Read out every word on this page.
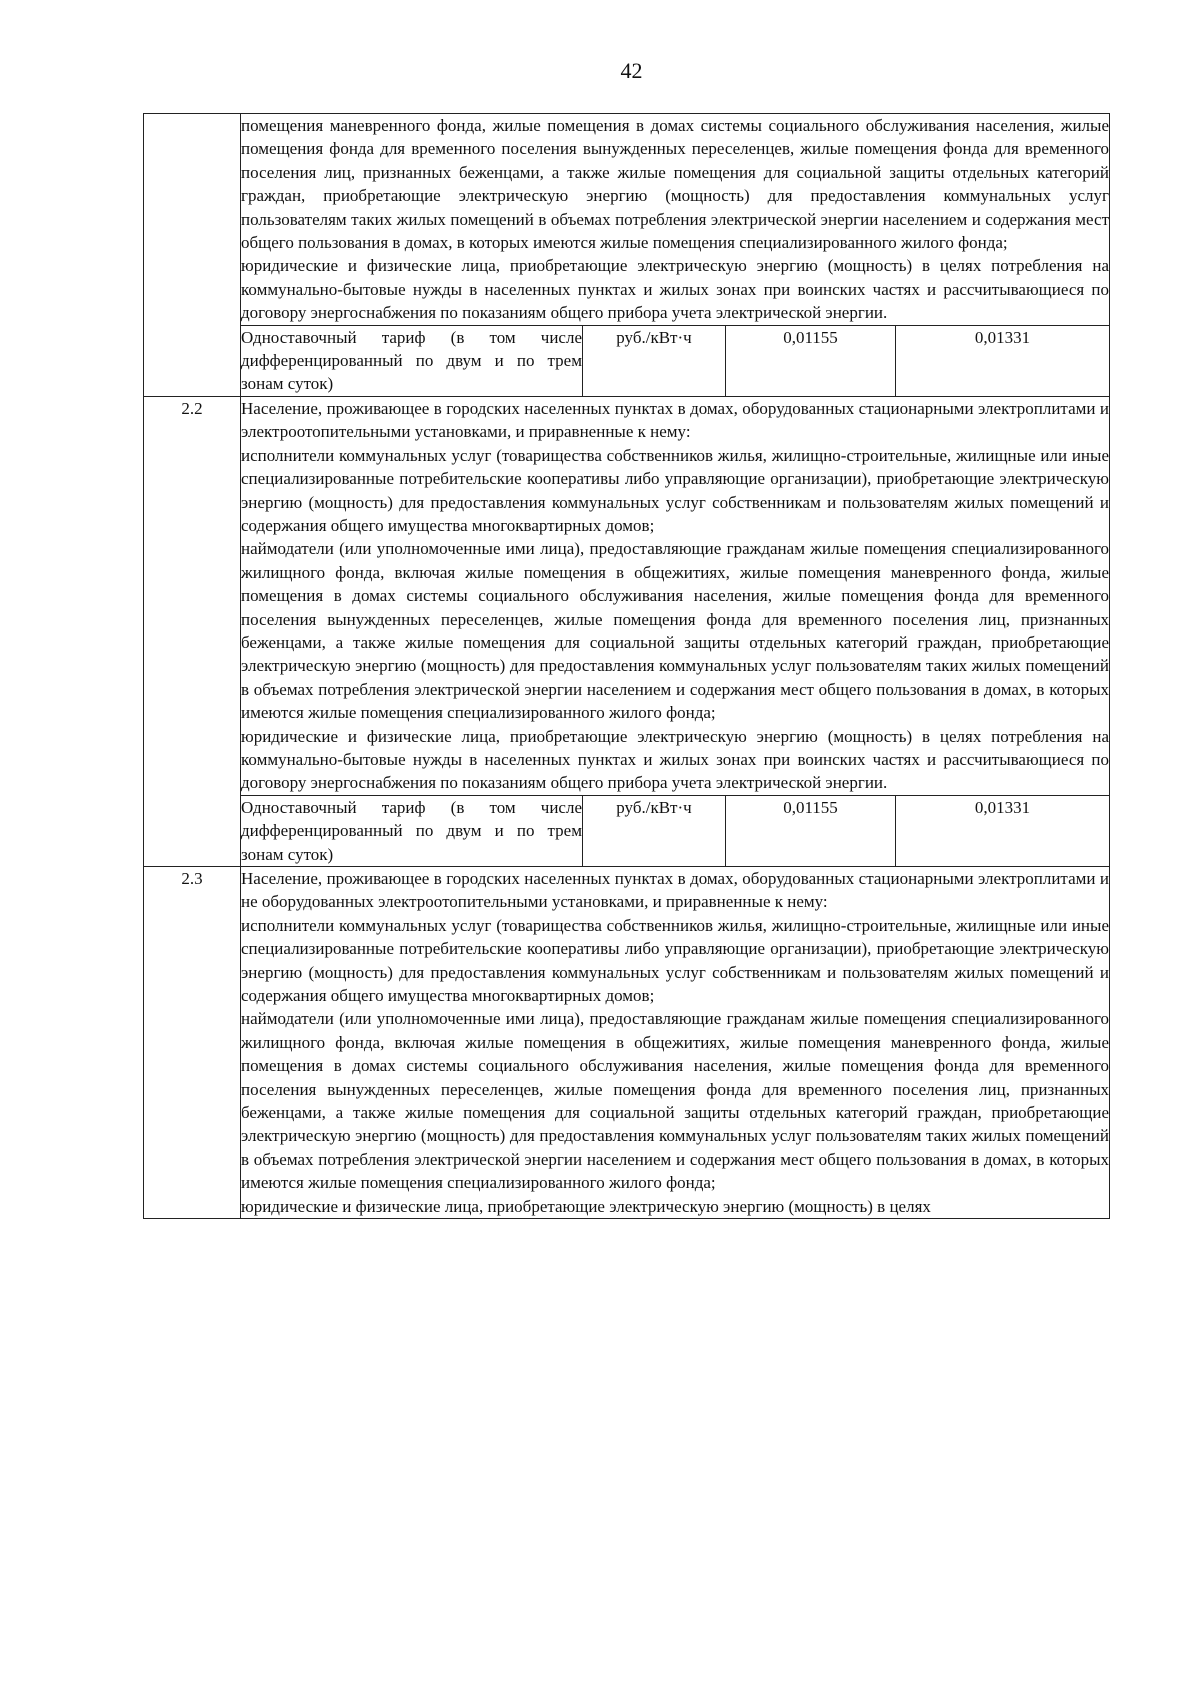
42

	помещения маневренного фонда, жилые помещения в домах системы социального обслуживания населения, жилые помещения фонда для временного поселения вынужденных переселенцев, жилые помещения фонда для временного поселения лиц, признанных беженцами, а также жилые помещения для социальной защиты отдельных категорий граждан, приобретающие электрическую энергию (мощность) для предоставления коммунальных услуг пользователям таких жилых помещений в объемах потребления электрической энергии населением и содержания мест общего пользования в домах, в которых имеются жилые помещения специализированного жилого фонда;

юридические и физические лица, приобретающие электрическую энергию (мощность) в целях потребления на коммунально-бытовые нужды в населенных пунктах и жилых зонах при воинских частях и рассчитывающиеся по договору энергоснабжения по показаниям общего прибора учета электрической энергии.			

	Одноставочный тариф (в том числе дифференцированный по двум и по трем зонам суток)	руб./кВт·ч	0,01155	0,01331
2.2	Население, проживающее в городских населенных пунктах в домах, оборудованных стационарными электроплитами и электроотопительными установками, и приравненные к нему:

исполнители коммунальных услуг (товарищества собственников жилья, жилищно-строительные, жилищные или иные специализированные потребительские кооперативы либо управляющие организации), приобретающие электрическую энергию (мощность) для предоставления коммунальных услуг собственникам и пользователям жилых помещений и содержания общего имущества многоквартирных домов;

наймодатели (или уполномоченные ими лица), предоставляющие гражданам жилые помещения специализированного жилищного фонда, включая жилые помещения в общежитиях, жилые помещения маневренного фонда, жилые помещения в домах системы социального обслуживания населения, жилые помещения фонда для временного поселения вынужденных переселенцев, жилые помещения фонда для временного поселения лиц, признанных беженцами, а также жилые помещения для социальной защиты отдельных категорий граждан, приобретающие электрическую энергию (мощность) для предоставления коммунальных услуг пользователям таких жилых помещений в объемах потребления электрической энергии населением и содержания мест общего пользования в домах, в которых имеются жилые помещения специализированного жилого фонда;

юридические и физические лица, приобретающие электрическую энергию (мощность) в целях потребления на коммунально-бытовые нужды в населенных пунктах и жилых зонах при воинских частях и рассчитывающиеся по договору энергоснабжения по показаниям общего прибора учета электрической энергии.			

	Одноставочный тариф (в том числе дифференцированный по двум и по трем зонам суток)	руб./кВт·ч	0,01155	0,01331
2.3	Население, проживающее в городских населенных пунктах в домах, оборудованных стационарными электроплитами и не оборудованных электроотопительными установками, и приравненные к нему:

исполнители коммунальных услуг (товарищества собственников жилья, жилищно-строительные, жилищные или иные специализированные потребительские кооперативы либо управляющие организации), приобретающие электрическую энергию (мощность) для предоставления коммунальных услуг собственникам и пользователям жилых помещений и содержания общего имущества многоквартирных домов;

наймодатели (или уполномоченные ими лица), предоставляющие гражданам жилые помещения специализированного жилищного фонда, включая жилые помещения в общежитиях, жилые помещения маневренного фонда, жилые помещения в домах системы социального обслуживания населения, жилые помещения фонда для временного поселения вынужденных переселенцев, жилые помещения фонда для временного поселения лиц, признанных беженцами, а также жилые помещения для социальной защиты отдельных категорий граждан, приобретающие электрическую энергию (мощность) для предоставления коммунальных услуг пользователям таких жилых помещений в объемах потребления электрической энергии населением и содержания мест общего пользования в домах, в которых имеются жилые помещения специализированного жилого фонда;

юридические и физические лица, приобретающие электрическую энергию (мощность) в целях			
